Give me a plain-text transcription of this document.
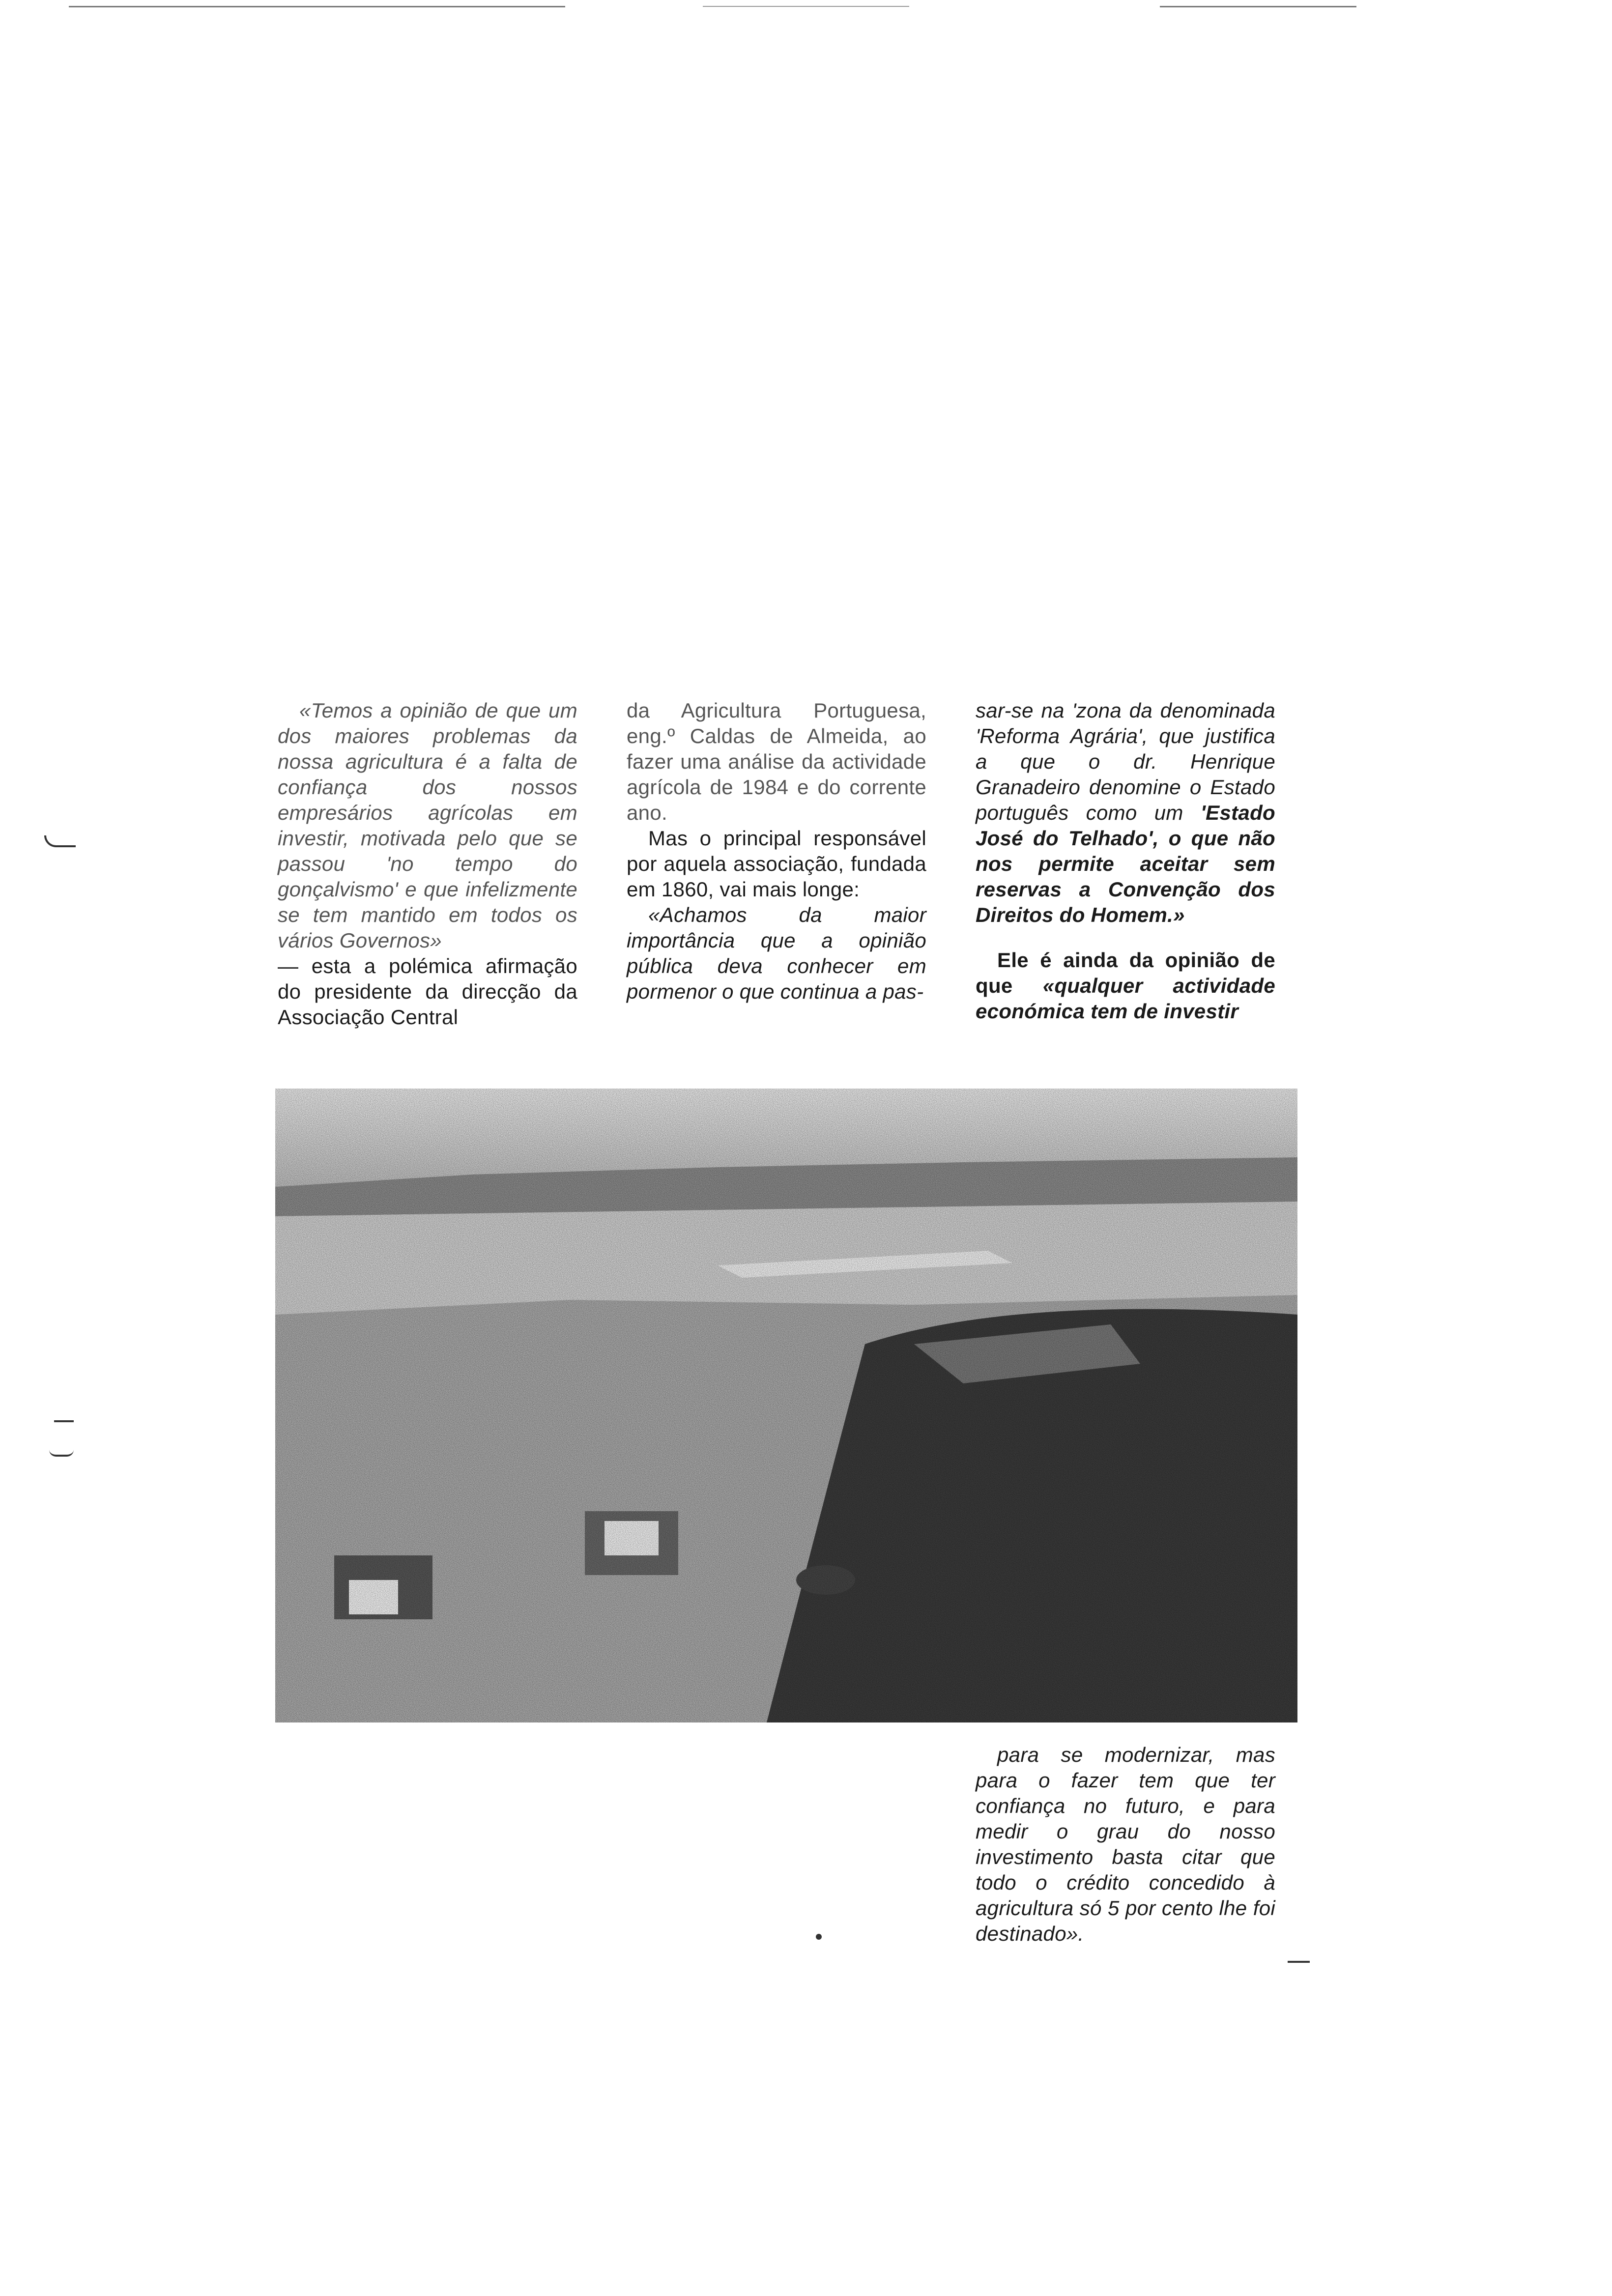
«Temos a opinião de que um dos maiores problemas da nossa agricultura é a falta de confiança dos nossos empresários agrícolas em investir, motivada pelo que se passou 'no tempo do gonçalvismo' e que infelizmente se tem mantido em todos os vários Governos»

— esta a polémica afirmação do presidente da direcção da Associação Central

da Agricultura Portuguesa, eng.º Caldas de Almeida, ao fazer uma análise da actividade agrícola de 1984 e do corrente ano.

Mas o principal responsável por aquela associação, fundada em 1860, vai mais longe:

«Achamos da maior importância que a opinião pública deva conhecer em pormenor o que continua a pas-

sar-se na 'zona da denominada 'Reforma Agrária', que justifica a que o dr. Henrique Granadeiro denomine o Estado português como um 'Estado José do Telhado', o que não nos permite aceitar sem reservas a Convenção dos Direitos do Homem.»

Ele é ainda da opinião de que «qualquer actividade económica tem de investir

para se modernizar, mas para o fazer tem que ter confiança no futuro, e para medir o grau do nosso investimento basta citar que todo o crédito concedido à agricultura só 5 por cento lhe foi destinado».
